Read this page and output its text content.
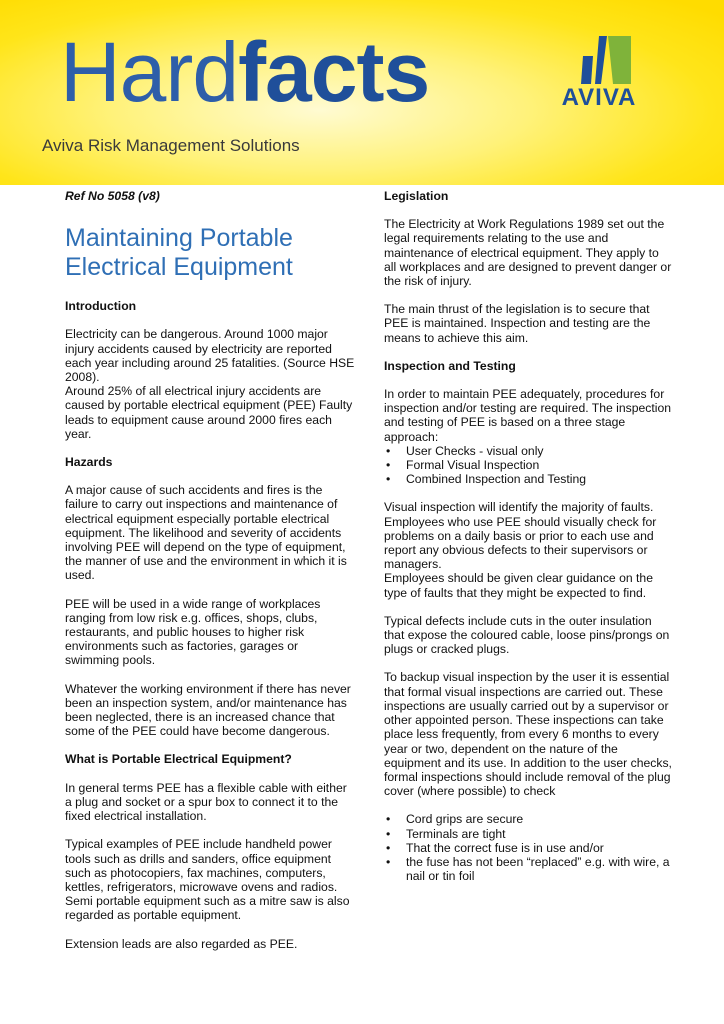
Hardfacts
Aviva Risk Management Solutions
AVIVA

Ref No 5058 (v8)

Maintaining Portable
Electrical Equipment
Introduction

Electricity can be dangerous. Around 1000 major injury accidents caused by electricity are reported each year including around 25 fatalities. (Source HSE 2008).

Around 25% of all electrical injury accidents are caused by portable electrical equipment (PEE) Faulty leads to equipment cause around 2000 fires each year.

Hazards

A major cause of such accidents and fires is the failure to carry out inspections and maintenance of electrical equipment especially portable electrical equipment. The likelihood and severity of accidents involving PEE will depend on the type of equipment, the manner of use and the environment in which it is used.

PEE will be used in a wide range of workplaces ranging from low risk e.g. offices, shops, clubs, restaurants, and public houses to higher risk environments such as factories, garages or swimming pools.

Whatever the working environment if there has never been an inspection system, and/or maintenance has been neglected, there is an increased chance that some of the PEE could have become dangerous.

What is Portable Electrical Equipment?

In general terms PEE has a flexible cable with either a plug and socket or a spur box to connect it to the fixed electrical installation.

Typical examples of PEE include handheld power tools such as drills and sanders, office equipment such as photocopiers, fax machines, computers, kettles, refrigerators, microwave ovens and radios. Semi portable equipment such as a mitre saw is also regarded as portable equipment.

Extension leads are also regarded as PEE.

Legislation

The Electricity at Work Regulations 1989 set out the legal requirements relating to the use and maintenance of electrical equipment. They apply to all workplaces and are designed to prevent danger or the risk of injury.

The main thrust of the legislation is to secure that PEE is maintained. Inspection and testing are the means to achieve this aim.

Inspection and Testing

In order to maintain PEE adequately, procedures for inspection and/or testing are required. The inspection and testing of PEE is based on a three stage approach:

• User Checks - visual only
• Formal Visual Inspection
• Combined Inspection and Testing

Visual inspection will identify the majority of faults. Employees who use PEE should visually check for problems on a daily basis or prior to each use and report any obvious defects to their supervisors or managers.

Employees should be given clear guidance on the type of faults that they might be expected to find.

Typical defects include cuts in the outer insulation that expose the coloured cable, loose pins/prongs on plugs or cracked plugs.

To backup visual inspection by the user it is essential that formal visual inspections are carried out. These inspections are usually carried out by a supervisor or other appointed person. These inspections can take place less frequently, from every 6 months to every year or two, dependent on the nature of the equipment and its use. In addition to the user checks, formal inspections should include removal of the plug cover (where possible) to check

• Cord grips are secure
• Terminals are tight
• That the correct fuse is in use and/or
• the fuse has not been “replaced” e.g. with wire, a nail or tin foil
